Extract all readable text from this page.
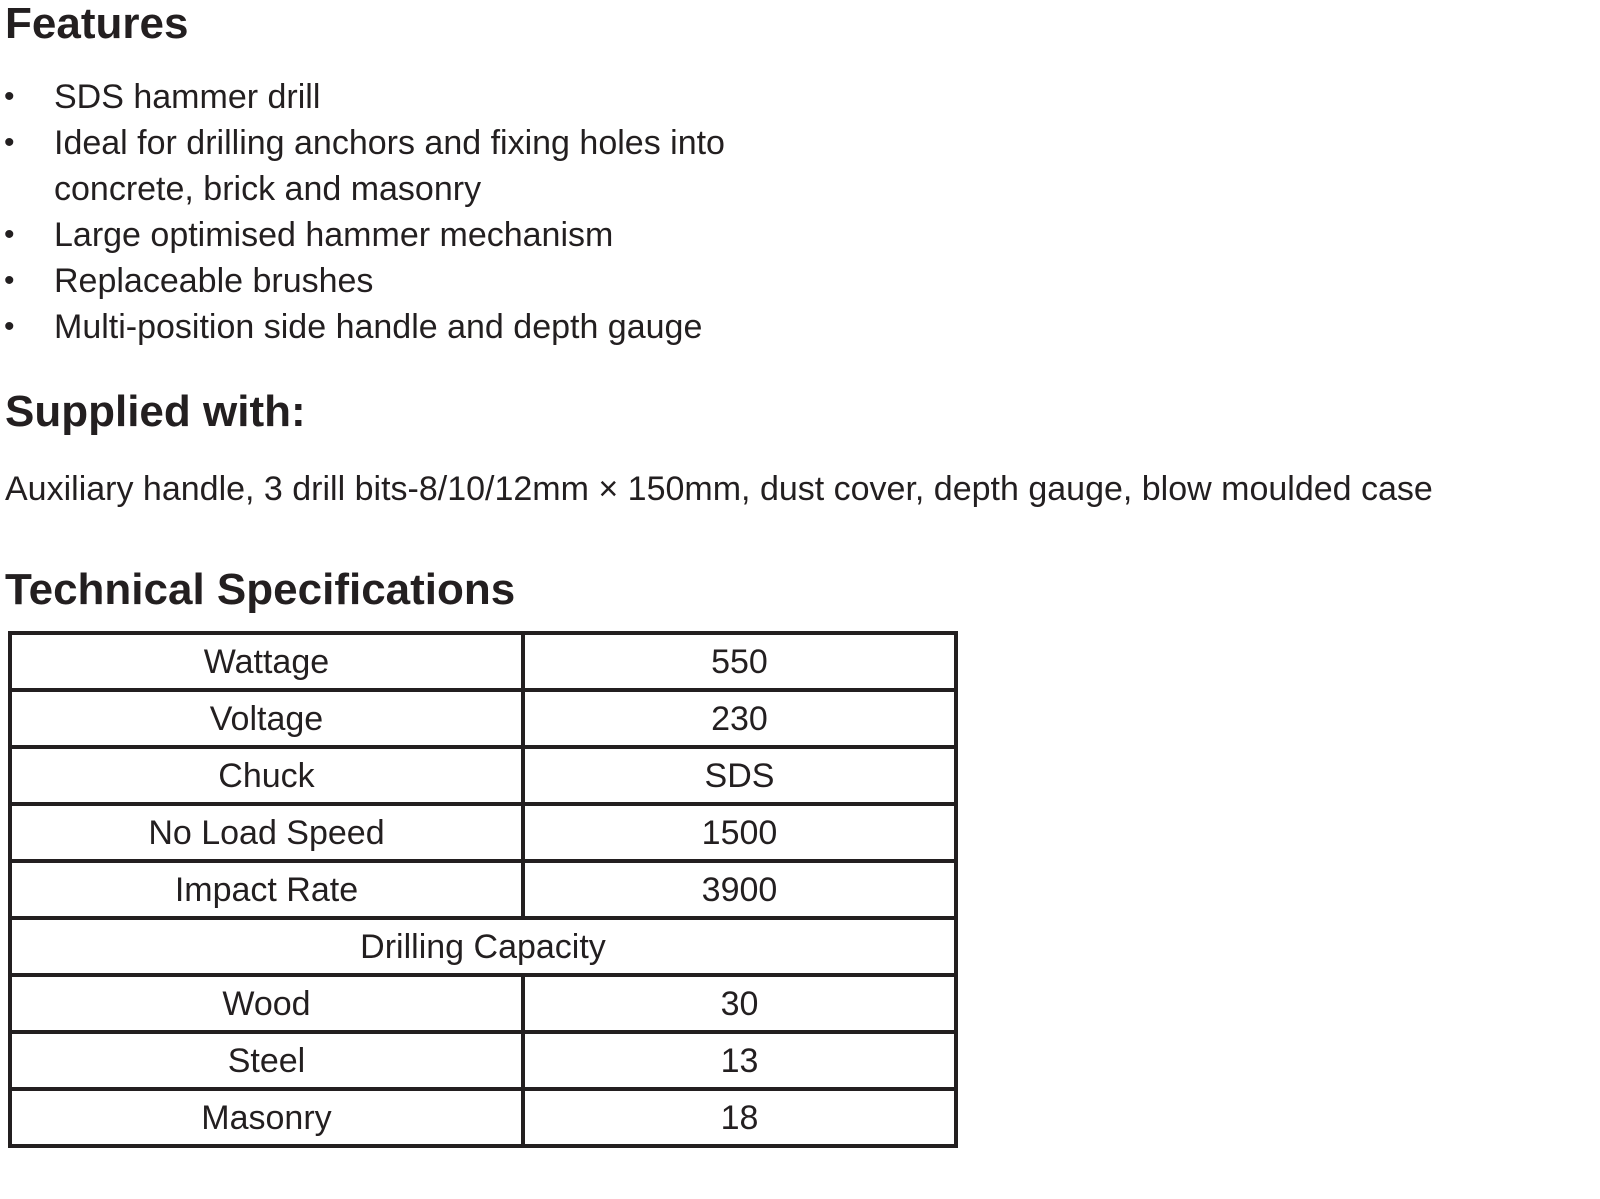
Features
• SDS hammer drill
• Ideal for drilling anchors and fixing holes into concrete, brick and masonry
• Large optimised hammer mechanism
• Replaceable brushes
• Multi-position side handle and depth gauge
Supplied with:

Auxiliary handle, 3 drill bits-8/10/12mm × 150mm, dust cover, depth gauge, blow moulded case

Technical Specifications
Wattage	550
Voltage	230
Chuck	SDS
No Load Speed	1500
Impact Rate	3900
Drilling Capacity	
Wood	30
Steel	13
Masonry	18
